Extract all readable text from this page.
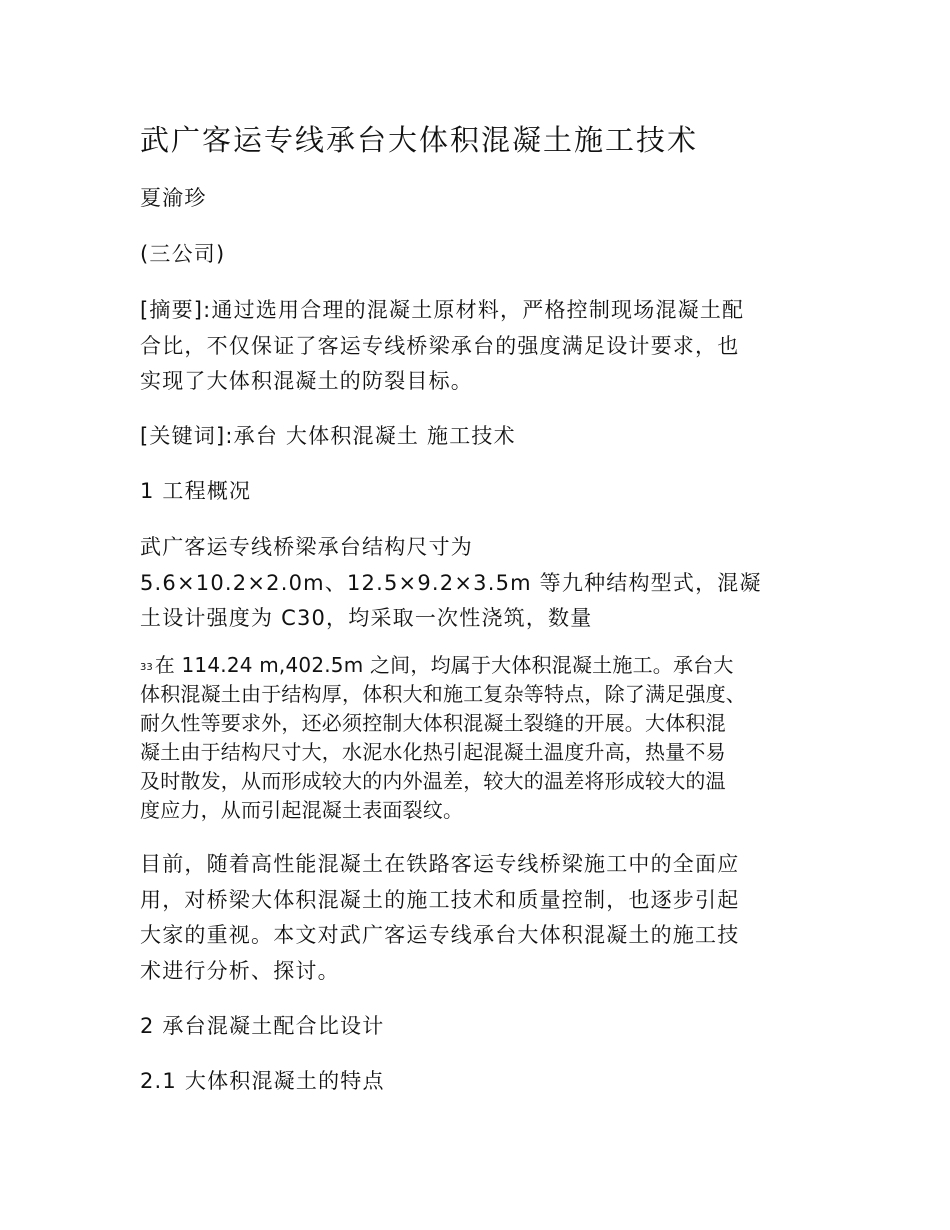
武广客运专线承台大体积混凝土施工技术
夏渝珍
(三公司)
[摘要]:通过选用合理的混凝土原材料，严格控制现场混凝土配
合比，不仅保证了客运专线桥梁承台的强度满足设计要求，也
实现了大体积混凝土的防裂目标。
[关键词]:承台 大体积混凝土 施工技术
1 工程概况
武广客运专线桥梁承台结构尺寸为
5.6×10.2×2.0m、12.5×9.2×3.5m 等九种结构型式，混凝
土设计强度为 C30，均采取一次性浇筑，数量
$^{33}$ 在 114.24 m,402.5m 之间，均属于大体积混凝土施工。承台大
体积混凝土由于结构厚，体积大和施工复杂等特点，除了满足强度、
耐久性等要求外，还必须控制大体积混凝土裂缝的开展。大体积混
凝土由于结构尺寸大，水泥水化热引起混凝土温度升高，热量不易
及时散发，从而形成较大的内外温差，较大的温差将形成较大的温
度应力，从而引起混凝土表面裂纹。
目前，随着高性能混凝土在铁路客运专线桥梁施工中的全面应
用，对桥梁大体积混凝土的施工技术和质量控制，也逐步引起
大家的重视。本文对武广客运专线承台大体积混凝土的施工技
术进行分析、探讨。
2 承台混凝土配合比设计
2.1 大体积混凝土的特点
